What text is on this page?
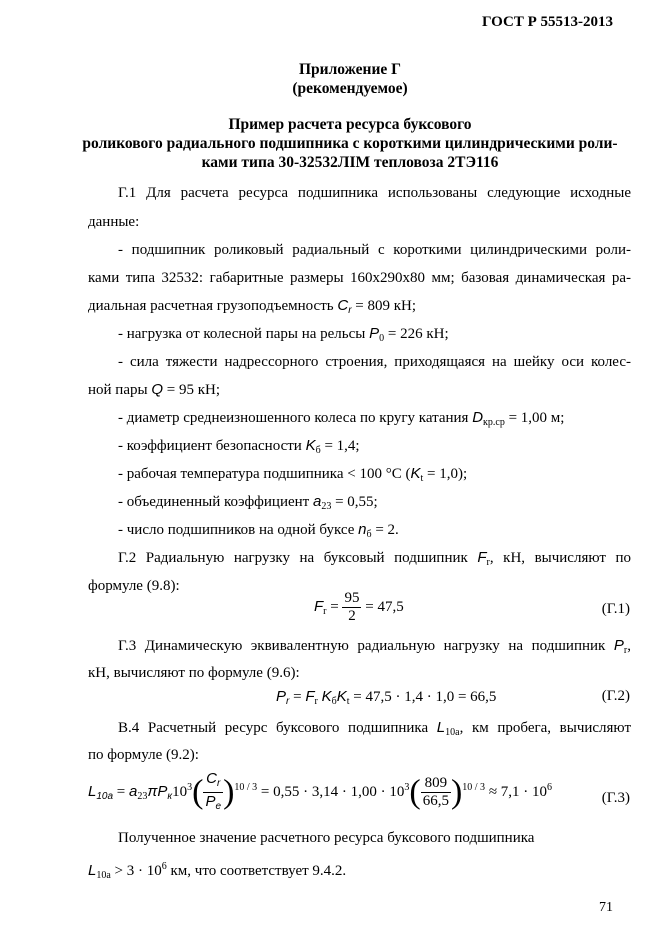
ГОСТ Р 55513-2013
Приложение Г
(рекомендуемое)
Пример расчета ресурса буксового
роликового радиального подшипника с короткими цилиндрическими роли-
ками типа 30-32532ЛIМ тепловоза 2ТЭ116
Г.1 Для расчета ресурса подшипника использованы следующие исходные
данные:
- подшипник роликовый радиальный с короткими цилиндрическими роли-
ками типа 32532: габаритные размеры 160х290х80 мм; базовая динамическая ра-
диальная расчетная грузоподъемность $C_r = 809$ кН;
- нагрузка от колесной пары на рельсы $P_0 = 226$ кН;
- сила тяжести надрессорного строения, приходящаяся на шейку оси колес-
ной пары Q = 95 кН;
- диаметр среднеизношенного колеса по кругу катания $D_{кр.ср} = 1,00$ м;
- коэффициент безопасности $K_б = 1,4$;
- рабочая температура подшипника < 100 °С $(K_t = 1,0)$;
- объединенный коэффициент $a_{23} = 0,55$;
- число подшипников на одной буксе $n_б = 2$.
Г.2 Радиальную нагрузку на буксовый подшипник $F_r$, кН, вычисляют по
формуле (9.8):
$F_r = \frac{95}{2} = 47,5$	(Г.1)
Г.3 Динамическую эквивалентную радиальную нагрузку на подшипник $P_r$,
кН, вычисляют по формуле (9.6):
$P_r = F_r$ $K_бK_t = 47,5 \cdot 1,4 \cdot 1,0 = 66,5$	(Г.2)
В.4 Расчетный ресурс буксового подшипника $L_{10a}$, км пробега, вычисляют
по формуле (9.2):
$L_{10a} = a_{23}\pi P_к10^3( \frac{C_r}{P_е} )^{10 / 3} = 0,55 \cdot 3,14 \cdot 1,00 \cdot 10^3( \frac{809}{66,5} )^{10 / 3} \approx 7,1 \cdot 10^6$
(Г.3)
Полученное значение расчетного ресурса буксового подшипника
$L_{10a} > 3 \cdot 10^6$ км, что соответствует 9.4.2.
71
